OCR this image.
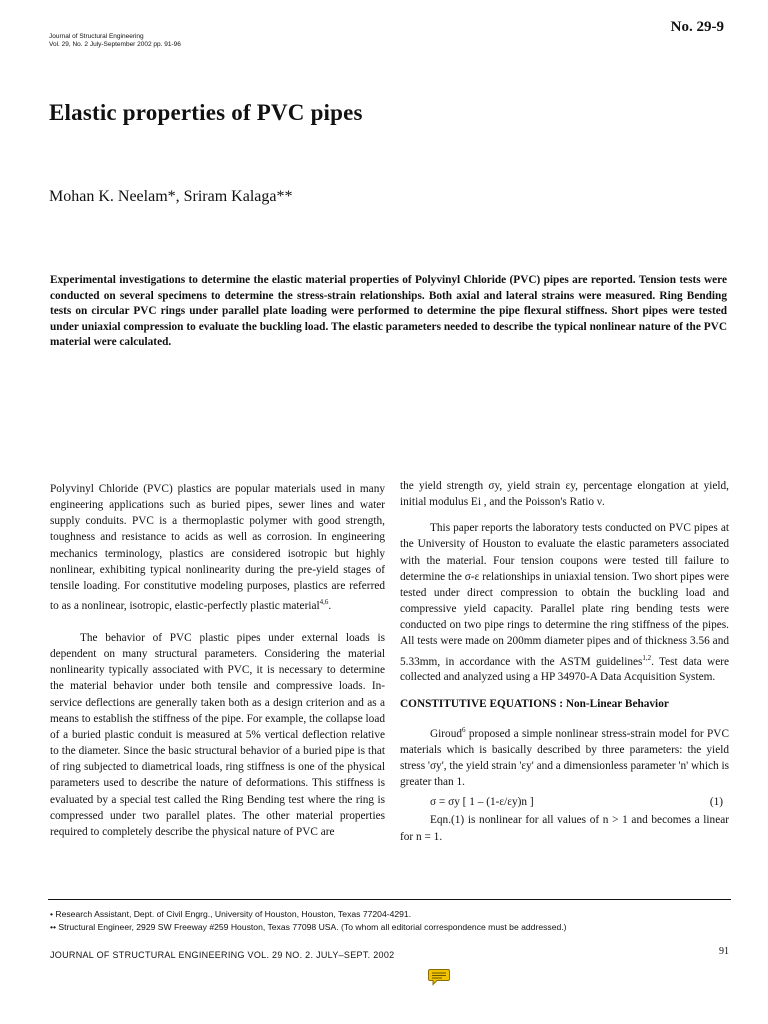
Journal of Structural Engineering
Vol. 29, No. 2 July-September 2002 pp. 91-96
No. 29-9
Elastic properties of PVC pipes
Mohan K. Neelam*, Sriram Kalaga**
Experimental investigations to determine the elastic material properties of Polyvinyl Chloride (PVC) pipes are reported. Tension tests were conducted on several specimens to determine the stress-strain relationships. Both axial and lateral strains were measured. Ring Bending tests on circular PVC rings under parallel plate loading were performed to determine the pipe flexural stiffness. Short pipes were tested under uniaxial compression to evaluate the buckling load. The elastic parameters needed to describe the typical nonlinear nature of the PVC material were calculated.

Polyvinyl Chloride (PVC) plastics are popular materials used in many engineering applications such as buried pipes, sewer lines and water supply conduits. PVC is a thermoplastic polymer with good strength, toughness and resistance to acids as well as corrosion. In engineering mechanics terminology, plastics are considered isotropic but highly nonlinear, exhibiting typical nonlinearity during the pre-yield stages of tensile loading. For constitutive modeling purposes, plastics are referred to as a nonlinear, isotropic, elastic-perfectly plastic material$^{4,6}$.

The behavior of PVC plastic pipes under external loads is dependent on many structural parameters. Considering the material nonlinearity typically associated with PVC, it is necessary to determine the material behavior under both tensile and compressive loads. In-service deflections are generally taken both as a design criterion and as a means to establish the stiffness of the pipe. For example, the collapse load of a buried plastic conduit is measured at 5% vertical deflection relative to the diameter. Since the basic structural behavior of a buried pipe is that of ring subjected to diametrical loads, ring stiffness is one of the physical parameters used to describe the nature of deformations. This stiffness is evaluated by a special test called the Ring Bending test where the ring is compressed under two parallel plates. The other material properties required to completely describe the physical nature of PVC are

the yield strength σy, yield strain εy, percentage elongation at yield, initial modulus Ei , and the Poisson's Ratio ν.

This paper reports the laboratory tests conducted on PVC pipes at the University of Houston to evaluate the elastic parameters associated with the material. Four tension coupons were tested till failure to determine the σ-ε relationships in uniaxial tension. Two short pipes were tested under direct compression to obtain the buckling load and compressive yield capacity. Parallel plate ring bending tests were conducted on two pipe rings to determine the ring stiffness of the pipes. All tests were made on 200mm diameter pipes and of thickness 3.56 and 5.33mm, in accordance with the ASTM guidelines$^{1,2}$. Test data were collected and analyzed using a HP 34970-A Data Acquisition System.

CONSTITUTIVE EQUATIONS : Non-Linear Behavior

Giroud$^6$ proposed a simple nonlinear stress-strain model for PVC materials which is basically described by three parameters: the yield stress 'σy', the yield strain 'εy' and a dimensionless parameter 'n' which is greater than 1.

σ = σy [ 1 – (1-ε/εy)n ]	(1)

Eqn.(1) is nonlinear for all values of n > 1 and becomes a linear for n = 1.

• Research Assistant, Dept. of Civil Engrg., University of Houston, Houston, Texas 77204-4291.
•• Structural Engineer, 2929 SW Freeway #259 Houston, Texas 77098 USA. (To whom all editorial correspondence must be addressed.)
JOURNAL OF STRUCTURAL ENGINEERING VOL. 29 NO. 2. JULY–SEPT. 2002	91
